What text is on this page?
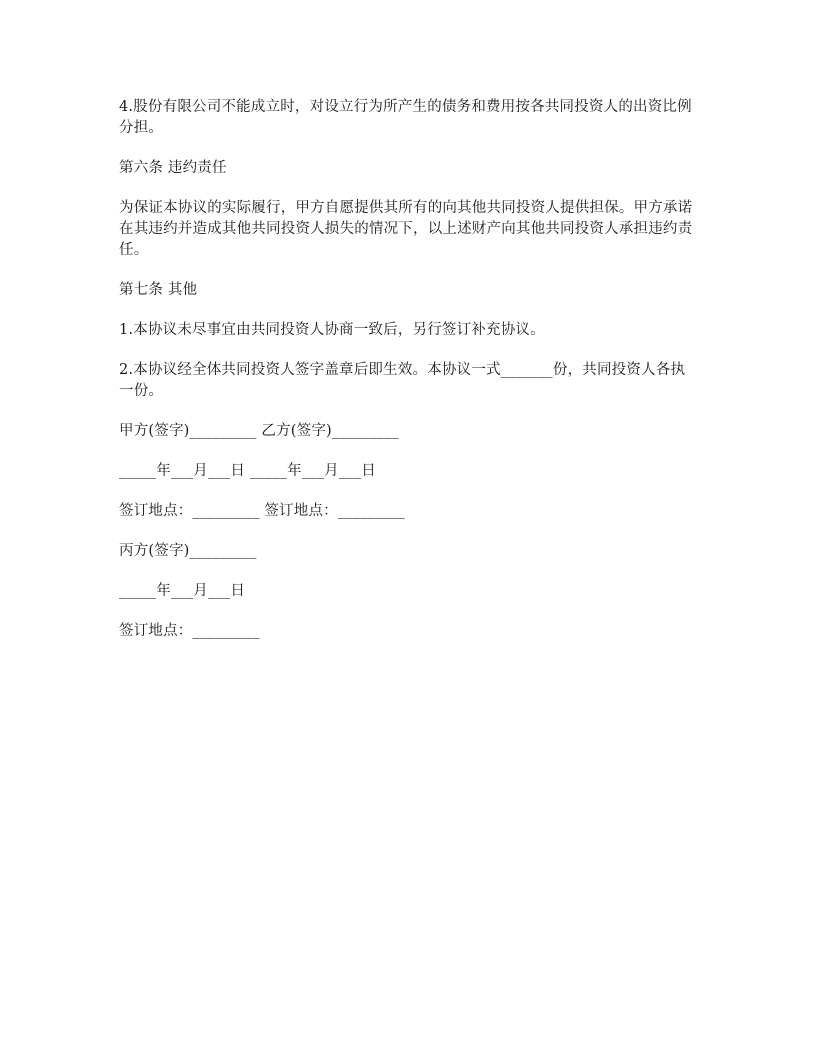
4.股份有限公司不能成立时，对设立行为所产生的债务和费用按各共同投资人的出资比例分担。

第六条 违约责任

为保证本协议的实际履行，甲方自愿提供其所有的向其他共同投资人提供担保。甲方承诺在其违约并造成其他共同投资人损失的情况下，以上述财产向其他共同投资人承担违约责任。

第七条 其他

1.本协议未尽事宜由共同投资人协商一致后，另行签订补充协议。

2.本协议经全体共同投资人签字盖章后即生效。本协议一式_______份，共同投资人各执一份。

甲方(签字)_________ 乙方(签字)_________

_____年___月___日 _____年___月___日

签订地点：_________ 签订地点：_________

丙方(签字)_________

_____年___月___日

签订地点：_________
